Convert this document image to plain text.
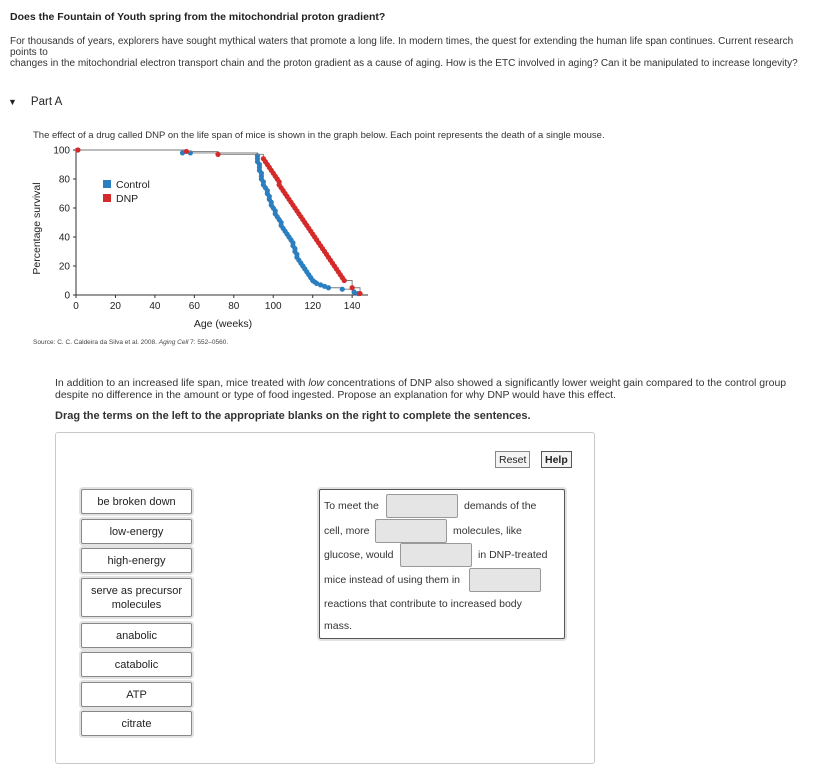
Does the Fountain of Youth spring from the mitochondrial proton gradient?
For thousands of years, explorers have sought mythical waters that promote a long life. In modern times, the quest for extending the human life span continues. Current research points to
changes in the mitochondrial electron transport chain and the proton gradient as a cause of aging. How is the ETC involved in aging? Can it be manipulated to increase longevity?
▼ Part A
The effect of a drug called DNP on the life span of mice is shown in the graph below. Each point represents the death of a single mouse.
0	20	40	60	80	100 120 140
0
20
40
60
80
100
Age (weeks)
Percentage survival	Control
DNP
Source: C. C. Caldeira da Silva et al. 2008. Aging Cell 7: 552–0560.
In addition to an increased life span, mice treated with low concentrations of DNP also showed a significantly lower weight gain compared to the control group
despite no difference in the amount or type of food ingested. Propose an explanation for why DNP would have this effect.
Drag the terms on the left to the appropriate blanks on the right to complete the sentences.
Reset	Help
be broken down
low-energy
high-energy
serve as precursor molecules
anabolic
catabolic
ATP
citrate
To meet the	demands of the
cell, more	molecules, like
glucose, would	in DNP-treated
mice instead of using them in
reactions that contribute to increased body
mass.
